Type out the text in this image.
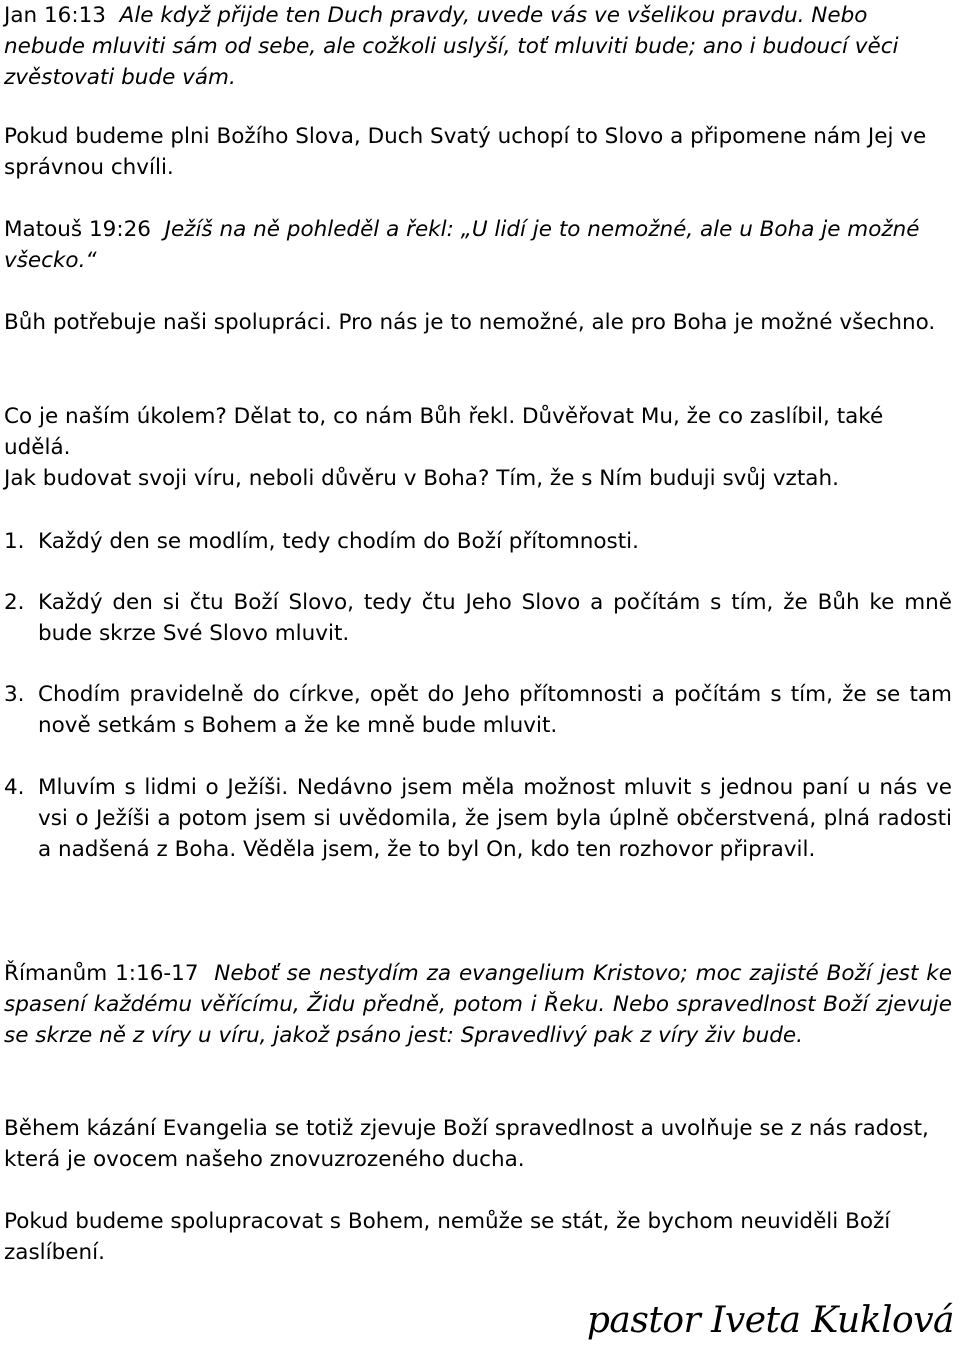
Jan 16:13 Ale když přijde ten Duch pravdy, uvede vás ve všelikou pravdu. Nebo nebude mluviti sám od sebe, ale cožkoli uslyší, toť mluviti bude; ano i budoucí věci zvěstovati bude vám.
Pokud budeme plni Božího Slova, Duch Svatý uchopí to Slovo a připomene nám Jej ve správnou chvíli.
Matouš 19:26 Ježíš na ně pohleděl a řekl: „U lidí je to nemožné, ale u Boha je možné všecko.“
Bůh potřebuje naši spolupráci. Pro nás je to nemožné, ale pro Boha je možné všechno.
Co je naším úkolem? Dělat to, co nám Bůh řekl. Důvěřovat Mu, že co zaslíbil, také udělá.
Jak budovat svoji víru, neboli důvěru v Boha? Tím, že s Ním buduji svůj vztah.
1. Každý den se modlím, tedy chodím do Boží přítomnosti.
2. Každý den si čtu Boží Slovo, tedy čtu Jeho Slovo a počítám s tím, že Bůh ke mně bude skrze Své Slovo mluvit.
3. Chodím pravidelně do církve, opět do Jeho přítomnosti a počítám s tím, že se tam nově setkám s Bohem a že ke mně bude mluvit.
4. Mluvím s lidmi o Ježíši. Nedávno jsem měla možnost mluvit s jednou paní u nás ve vsi o Ježíši a potom jsem si uvědomila, že jsem byla úplně občerstvená, plná radosti a nadšená z Boha. Věděla jsem, že to byl On, kdo ten rozhovor připravil.
Římanům 1:16-17 Neboť se nestydím za evangelium Kristovo; moc zajisté Boží jest ke spasení každému věřícímu, Židu předně, potom i Řeku. Nebo spravedlnost Boží zjevuje se skrze ně z víry u víru, jakož psáno jest: Spravedlivý pak z víry živ bude.
Během kázání Evangelia se totiž zjevuje Boží spravedlnost a uvolňuje se z nás radost, která je ovocem našeho znovuzrozeného ducha.
Pokud budeme spolupracovat s Bohem, nemůže se stát, že bychom neuviděli Boží zaslíbení.
pastor Iveta Kuklová
